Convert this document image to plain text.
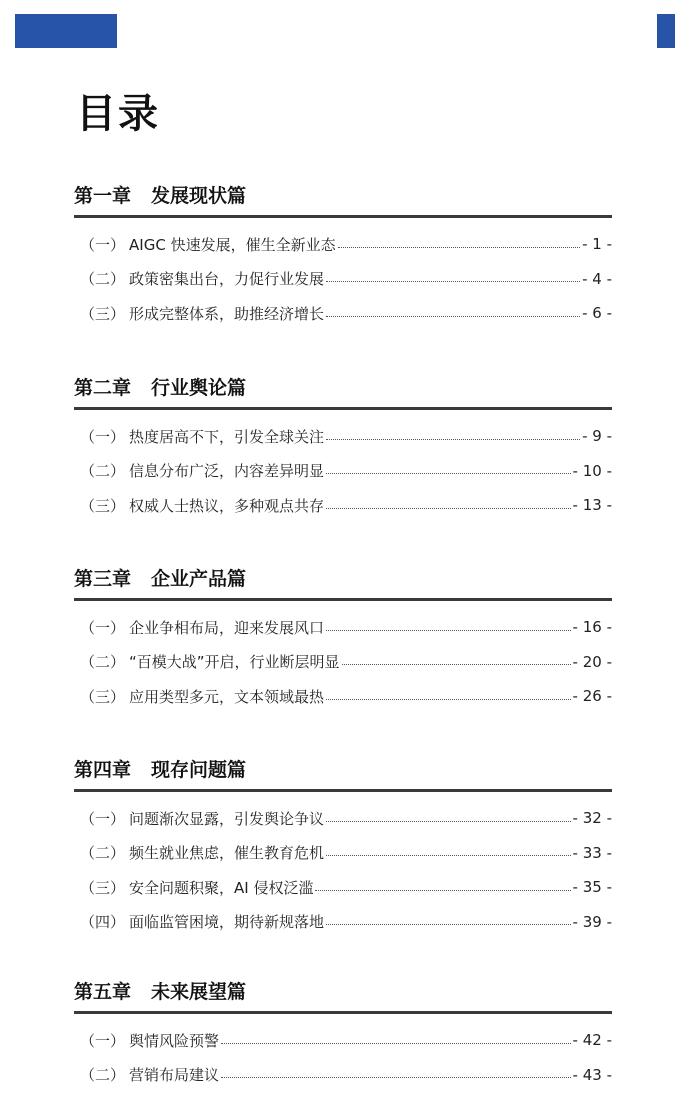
目录
第一章 发展现状篇
（一） AIGC 快速发展，催生全新业态	- 1 -
（二） 政策密集出台，力促行业发展	- 4 -
（三） 形成完整体系，助推经济增长	- 6 -
第二章 行业舆论篇
（一） 热度居高不下，引发全球关注	- 9 -
（二） 信息分布广泛，内容差异明显	- 10 -
（三） 权威人士热议，多种观点共存	- 13 -
第三章 企业产品篇
（一） 企业争相布局，迎来发展风口	- 16 -
（二） “百模大战”开启，行业断层明显	- 20 -
（三） 应用类型多元，文本领域最热	- 26 -
第四章 现存问题篇
（一） 问题渐次显露，引发舆论争议	- 32 -
（二） 频生就业焦虑，催生教育危机	- 33 -
（三） 安全问题积聚，AI 侵权泛滥	- 35 -
（四） 面临监管困境，期待新规落地	- 39 -
第五章 未来展望篇
（一） 舆情风险预警	- 42 -
（二） 营销布局建议	- 43 -
